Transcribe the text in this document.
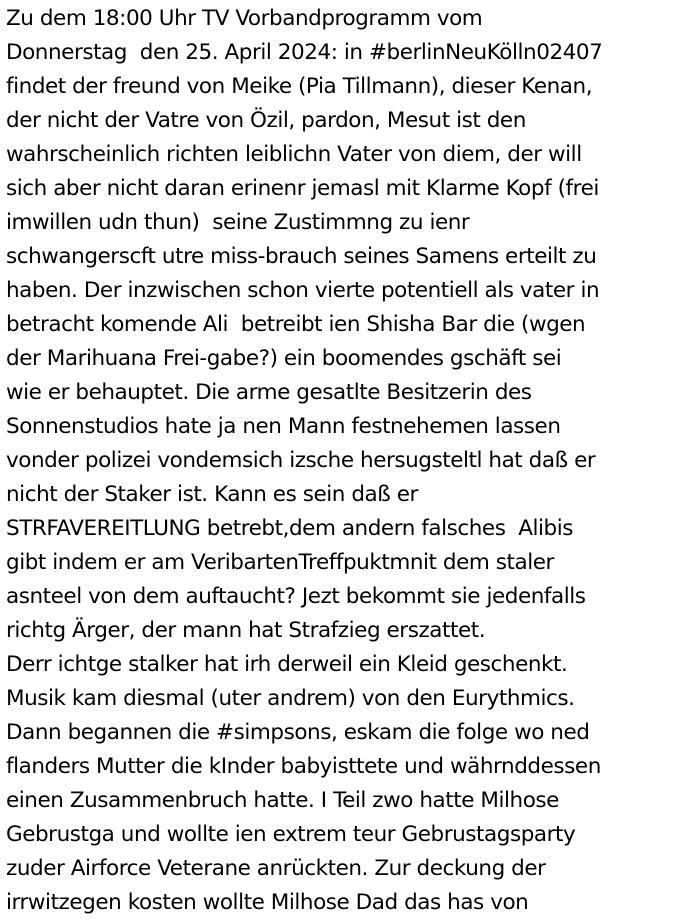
Zu dem 18:00 Uhr TV Vorbandprogramm vom
Donnerstag  den 25. April 2024: in #berlinNeuKölln02407
findet der freund von Meike (Pia Tillmann), dieser Kenan,
der nicht der Vatre von Özil, pardon, Mesut ist den
wahrscheinlich richten leiblichn Vater von diem, der will
sich aber nicht daran erinenr jemasl mit Klarme Kopf (frei
imwillen udn thun)  seine Zustimmng zu ienr
schwangerscft utre miss-brauch seines Samens erteilt zu
haben. Der inzwischen schon vierte potentiell als vater in
betracht komende Ali  betreibt ien Shisha Bar die (wgen
der Marihuana Frei-gabe?) ein boomendes gschäft sei
wie er behauptet. Die arme gesatlte Besitzerin des
Sonnenstudios hate ja nen Mann festnehemen lassen
vonder polizei vondemsich izsche hersugsteltl hat daß er
nicht der Staker ist. Kann es sein daß er
STRFAVEREITLUNG betrebt,dem andern falsches  Alibis
gibt indem er am VeribartenTreffpuktmnit dem staler
asnteel von dem auftaucht? Jezt bekommt sie jedenfalls
richtg Ärger, der mann hat Strafzieg erszattet.
Derr ichtge stalker hat irh derweil ein Kleid geschenkt.
Musik kam diesmal (uter andrem) von den Eurythmics.
Dann begannen die #simpsons, eskam die folge wo ned
flanders Mutter die kInder babyisttete und währnddessen
einen Zusammenbruch hatte. I Teil zwo hatte Milhose
Gebrustga und wollte ien extrem teur Gebrustagsparty
zuder Airforce Veterane anrückten. Zur deckung der
irrwitzegen kosten wollte Milhose Dad das has von
